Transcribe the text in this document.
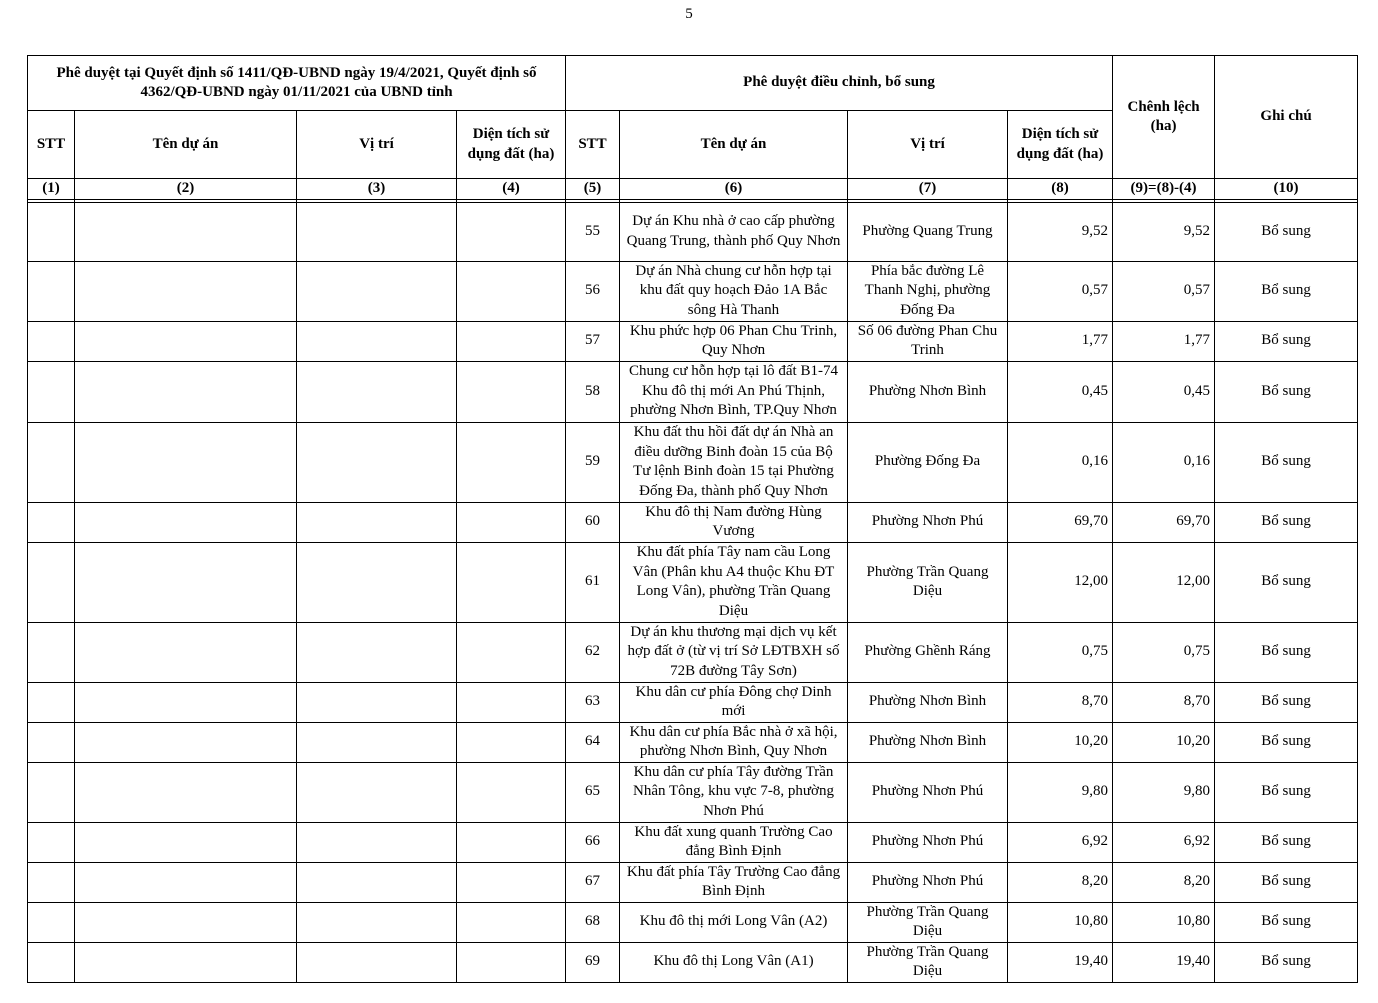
5
Phê duyệt tại Quyết định số 1411/QĐ-UBND ngày 19/4/2021, Quyết định số 4362/QĐ-UBND ngày 01/11/2021 của UBND tỉnh				Phê duyệt điều chỉnh, bổ sung				Chênh lệch (ha)	Ghi chú
STT	Tên dự án	Vị trí	Diện tích sử dụng đất (ha)	STT	Tên dự án	Vị trí	Diện tích sử dụng đất (ha)		
(1)	(2)	(3)	(4)	(5)	(6)	(7)	(8)	(9)=(8)-(4)	(10)

				55	Dự án Khu nhà ở cao cấp phường Quang Trung, thành phố Quy Nhơn	Phường Quang Trung	9,52	9,52	Bổ sung
				56	Dự án Nhà chung cư hỗn hợp tại khu đất quy hoạch Đảo 1A Bắc sông Hà Thanh	Phía bắc đường Lê Thanh Nghị, phường Đống Đa	0,57	0,57	Bổ sung
				57	Khu phức hợp 06 Phan Chu Trinh, Quy Nhơn	Số 06 đường Phan Chu Trinh	1,77	1,77	Bổ sung
				58	Chung cư hỗn hợp tại lô đất B1-74 Khu đô thị mới An Phú Thịnh, phường Nhơn Bình, TP.Quy Nhơn	Phường Nhơn Bình	0,45	0,45	Bổ sung
				59	Khu đất thu hồi đất dự án Nhà an điều dưỡng Binh đoàn 15 của Bộ Tư lệnh Binh đoàn 15 tại Phường Đống Đa, thành phố Quy Nhơn	Phường Đống Đa	0,16	0,16	Bổ sung
				60	Khu đô thị Nam đường Hùng Vương	Phường Nhơn Phú	69,70	69,70	Bổ sung
				61	Khu đất phía Tây nam cầu Long Vân (Phân khu A4 thuộc Khu ĐT Long Vân), phường Trần Quang Diệu	Phường Trần Quang Diệu	12,00	12,00	Bổ sung
				62	Dự án khu thương mại dịch vụ kết hợp đất ở (từ vị trí Sở LĐTBXH số 72B đường Tây Sơn)	Phường Ghềnh Ráng	0,75	0,75	Bổ sung
				63	Khu dân cư phía Đông chợ Dinh mới	Phường Nhơn Bình	8,70	8,70	Bổ sung
				64	Khu dân cư phía Bắc nhà ở xã hội, phường Nhơn Bình, Quy Nhơn	Phường Nhơn Bình	10,20	10,20	Bổ sung
				65	Khu dân cư phía Tây đường Trần Nhân Tông, khu vực 7-8, phường Nhơn Phú	Phường Nhơn Phú	9,80	9,80	Bổ sung
				66	Khu đất xung quanh Trường Cao đẳng Bình Định	Phường Nhơn Phú	6,92	6,92	Bổ sung
				67	Khu đất phía Tây Trường Cao đẳng Bình Định	Phường Nhơn Phú	8,20	8,20	Bổ sung
				68	Khu đô thị mới Long Vân (A2)	Phường Trần Quang Diệu	10,80	10,80	Bổ sung
				69	Khu đô thị Long Vân (A1)	Phường Trần Quang Diệu	19,40	19,40	Bổ sung
